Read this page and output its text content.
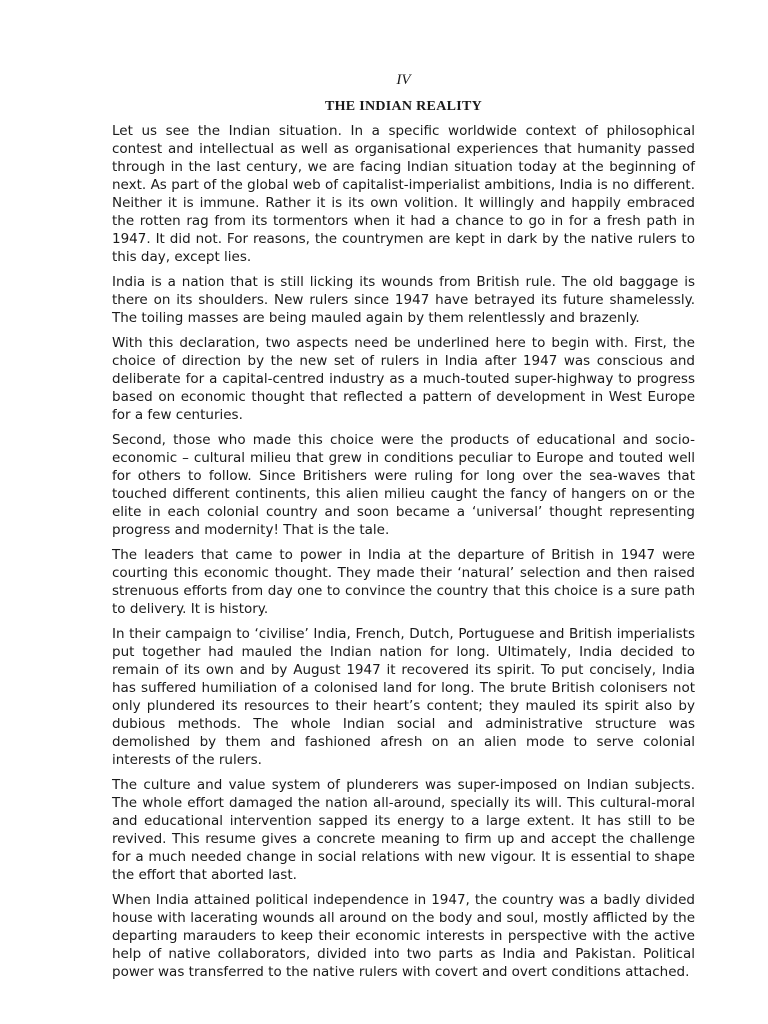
IV
THE INDIAN REALITY

Let us see the Indian situation. In a specific worldwide context of philosophical contest and intellectual as well as organisational experiences that humanity passed through in the last century, we are facing Indian situation today at the beginning of next. As part of the global web of capitalist-imperialist ambitions, India is no different. Neither it is immune. Rather it is its own volition. It willingly and happily embraced the rotten rag from its tormentors when it had a chance to go in for a fresh path in 1947. It did not. For reasons, the countrymen are kept in dark by the native rulers to this day, except lies.

India is a nation that is still licking its wounds from British rule. The old baggage is there on its shoulders. New rulers since 1947 have betrayed its future shamelessly. The toiling masses are being mauled again by them relentlessly and brazenly.

With this declaration, two aspects need be underlined here to begin with. First, the choice of direction by the new set of rulers in India after 1947 was conscious and deliberate for a capital-centred industry as a much-touted super-highway to progress based on economic thought that reflected a pattern of development in West Europe for a few centuries.

Second, those who made this choice were the products of educational and socio-economic – cultural milieu that grew in conditions peculiar to Europe and touted well for others to follow. Since Britishers were ruling for long over the sea-waves that touched different continents, this alien milieu caught the fancy of hangers on or the elite in each colonial country and soon became a ‘universal’ thought representing progress and modernity! That is the tale.

The leaders that came to power in India at the departure of British in 1947 were courting this economic thought. They made their ‘natural’ selection and then raised strenuous efforts from day one to convince the country that this choice is a sure path to delivery. It is history.

In their campaign to ‘civilise’ India, French, Dutch, Portuguese and British imperialists put together had mauled the Indian nation for long. Ultimately, India decided to remain of its own and by August 1947 it recovered its spirit. To put concisely, India has suffered humiliation of a colonised land for long. The brute British colonisers not only plundered its resources to their heart’s content; they mauled its spirit also by dubious methods. The whole Indian social and administrative structure was demolished by them and fashioned afresh on an alien mode to serve colonial interests of the rulers.

The culture and value system of plunderers was super-imposed on Indian subjects. The whole effort damaged the nation all-around, specially its will. This cultural-moral and educational intervention sapped its energy to a large extent. It has still to be revived. This resume gives a concrete meaning to firm up and accept the challenge for a much needed change in social relations with new vigour. It is essential to shape the effort that aborted last.

When India attained political independence in 1947, the country was a badly divided house with lacerating wounds all around on the body and soul, mostly afflicted by the departing marauders to keep their economic interests in perspective with the active help of native collaborators, divided into two parts as India and Pakistan. Political power was transferred to the native rulers with covert and overt conditions attached.
